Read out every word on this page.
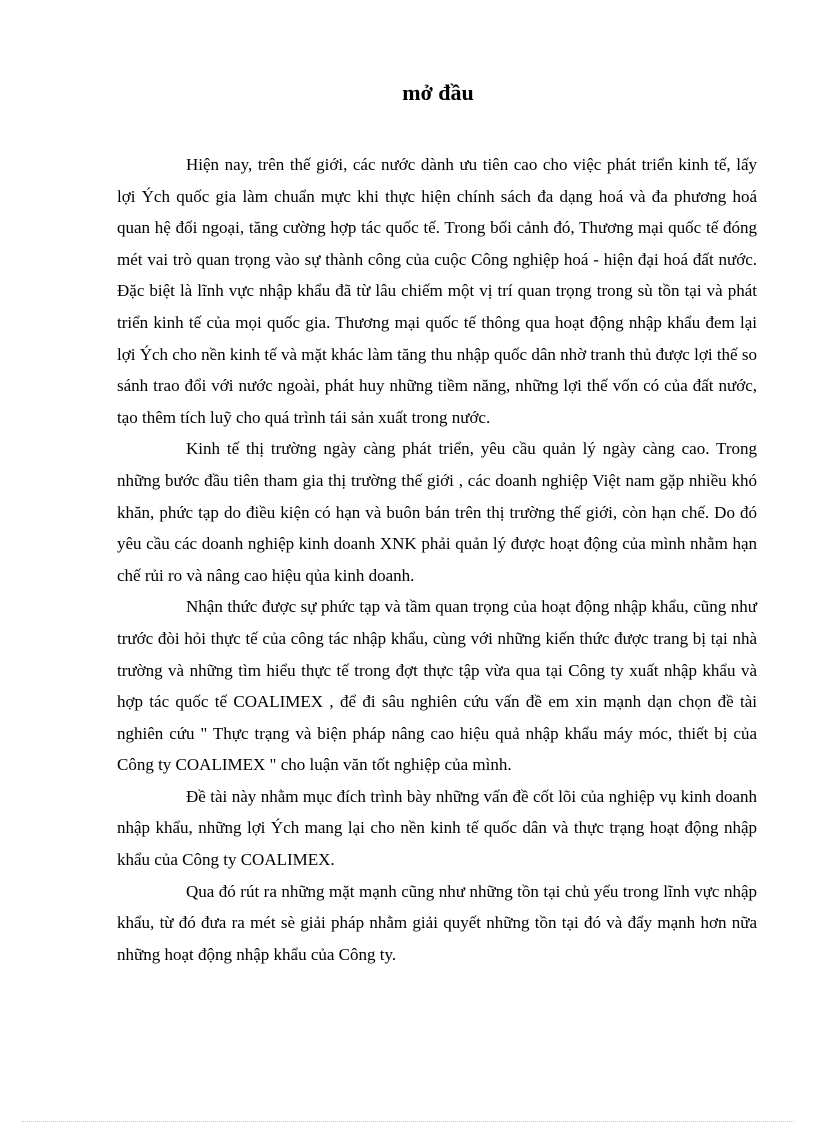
mở đầu

Hiện nay, trên thế giới, các nước dành ưu tiên cao cho việc phát triển kinh tế, lấy lợi Ých quốc gia làm chuẩn mực khi thực hiện chính sách đa dạng hoá và đa phương hoá quan hệ đối ngoại, tăng cường hợp tác quốc tế. Trong bối cảnh đó, Thương mại quốc tế đóng mét vai trò quan trọng vào sự thành công của cuộc Công nghiệp hoá - hiện đại hoá đất nước. Đặc biệt là lĩnh vực nhập khẩu đã từ lâu chiếm một vị trí quan trọng trong sù tồn tại và phát triển kinh tế của mọi quốc gia. Thương mại quốc tế thông qua hoạt động nhập khẩu đem lại lợi Ých cho nền kinh tế và mặt khác làm tăng thu nhập quốc dân nhờ tranh thủ được lợi thế so sánh trao đổi với nước ngoài, phát huy những tiềm năng, những lợi thế vốn có của đất nước, tạo thêm tích luỹ cho quá trình tái sản xuất trong nước.

Kinh tế thị trường ngày càng phát triển, yêu cầu quản lý ngày càng cao. Trong những bước đầu tiên tham gia thị trường thế giới , các doanh nghiệp Việt nam gặp nhiều khó khăn, phức tạp do điều kiện có hạn và buôn bán trên thị trường thế giới, còn hạn chế. Do đó yêu cầu các doanh nghiệp kinh doanh XNK phải quản lý được hoạt động của mình nhằm hạn chế rủi ro và nâng cao hiệu qủa kinh doanh.

Nhận thức được sự phức tạp và tầm quan trọng của hoạt động nhập khẩu, cũng như trước đòi hỏi thực tế của công tác nhập khẩu, cùng với những kiến thức được trang bị tại nhà trường và những tìm hiểu thực tế trong đợt thực tập vừa qua tại Công ty xuất nhập khẩu và hợp tác quốc tế COALIMEX , để đi sâu nghiên cứu vấn đề em xin mạnh dạn chọn đề tài nghiên cứu " Thực trạng và biện pháp nâng cao hiệu quả nhập khẩu máy móc, thiết bị của Công ty COALIMEX " cho luận văn tốt nghiệp của mình.

Đề tài này nhằm mục đích trình bày những vấn đề cốt lõi của nghiệp vụ kinh doanh nhập khẩu, những lợi Ých mang lại cho nền kinh tế quốc dân và thực trạng hoạt động nhập khẩu của Công ty COALIMEX.

Qua đó rút ra những mặt mạnh cũng như những tồn tại chủ yếu trong lĩnh vực nhập khẩu, từ đó đưa ra mét sè giải pháp nhằm giải quyết những tồn tại đó và đẩy mạnh hơn nữa những hoạt động nhập khẩu của Công ty.
